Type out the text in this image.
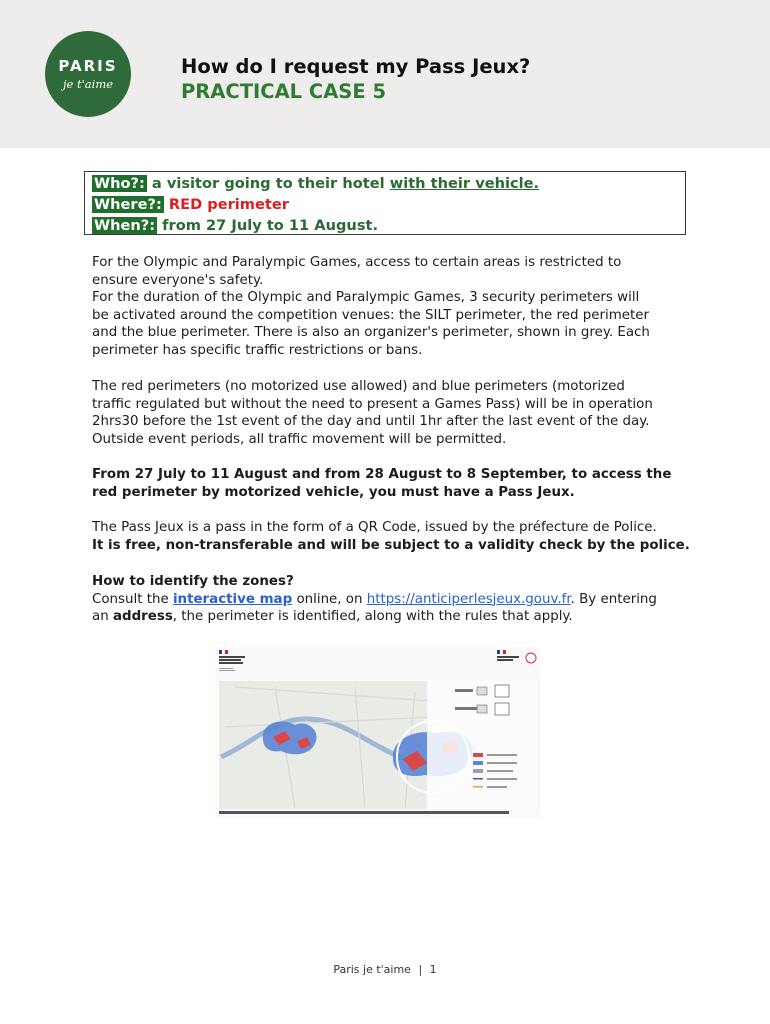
PARIS
je t'aime
How do I request my Pass Jeux?
PRACTICAL CASE 5
Who?: a visitor going to their hotel with their vehicle.
Where?: RED perimeter
When?: from 27 July to 11 August.
For the Olympic and Paralympic Games, access to certain areas is restricted to
ensure everyone's safety.
For the duration of the Olympic and Paralympic Games, 3 security perimeters will
be activated around the competition venues: the SILT perimeter, the red perimeter
and the blue perimeter. There is also an organizer's perimeter, shown in grey. Each
perimeter has specific traffic restrictions or bans.
The red perimeters (no motorized use allowed) and blue perimeters (motorized
traffic regulated but without the need to present a Games Pass) will be in operation
2hrs30 before the 1st event of the day and until 1hr after the last event of the day.
Outside event periods, all traffic movement will be permitted.
From 27 July to 11 August and from 28 August to 8 September, to access the
red perimeter by motorized vehicle, you must have a Pass Jeux.
The Pass Jeux is a pass in the form of a QR Code, issued by the préfecture de Police.
It is free, non-transferable and will be subject to a validity check by the police.
How to identify the zones?
Consult the interactive map online, on https://anticiperlesjeux.gouv.fr. By entering
an address, the perimeter is identified, along with the rules that apply.
Paris je t'aime | 1
